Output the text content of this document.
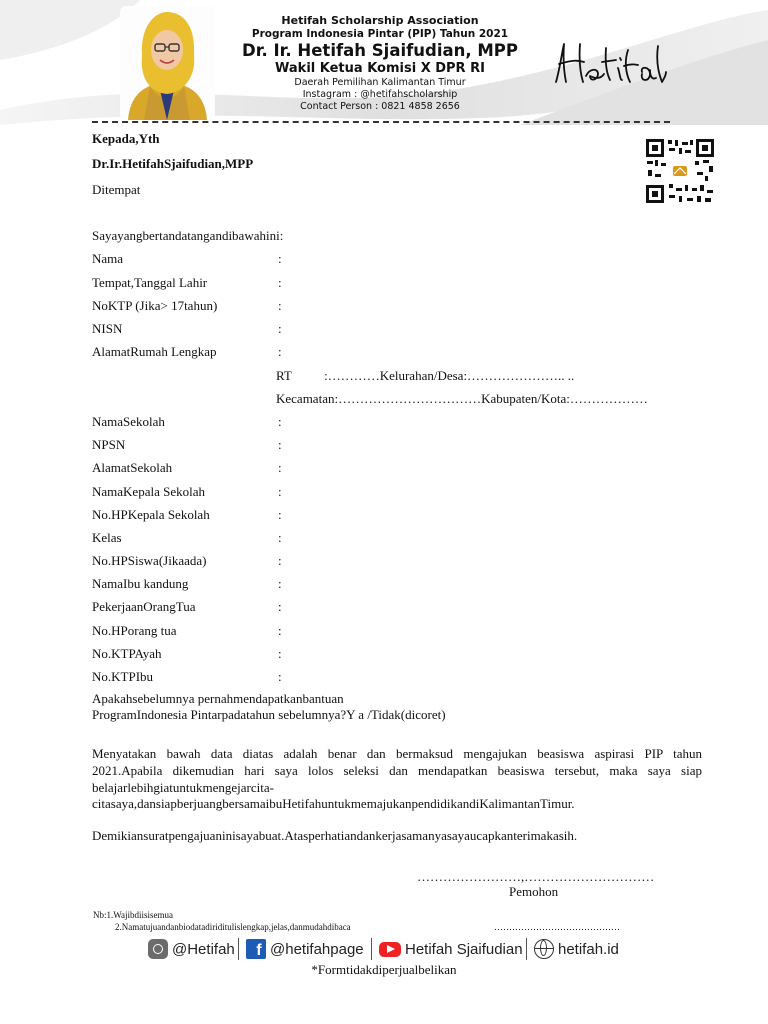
Hetifah Scholarship Association
Program Indonesia Pintar (PIP) Tahun 2021
Dr. Ir. Hetifah Sjaifudian, MPP
Wakil Ketua Komisi X DPR RI
Daerah Pemilihan Kalimantan Timur
Instagram : @hetifahscholarship
Contact Person : 0821 4858 2656
Kepada,Yth
Dr.Ir.HetifahSjaifudian,MPP
Ditempat
Sayayangbertandatangandibawahini:
Nama	:
Tempat,Tanggal Lahir	:
NoKTP (Jika> 17tahun)	:
NISN	:
AlamatRumah Lengkap	:
RT          :…………Kelurahan/Desa:………………….. ..
Kecamatan:……………………………Kabupaten/Kota:………………
NamaSekolah	:
NPSN	:
AlamatSekolah	:
NamaKepala Sekolah	:
No.HPKepala Sekolah	:
Kelas	:
No.HPSiswa(Jikaada)	:
NamaIbu kandung	:
PekerjaanOrangTua	:
No.HPorang tua	:
No.KTPAyah	:
No.KTPIbu	:
Apakahsebelumnya pernahmendapatkanbantuan
ProgramIndonesia Pintarpadatahun sebelumnya?Y a /Tidak(dicoret)
Menyatakan bawah data diatas adalah benar dan bermaksud mengajukan beasiswa aspirasi PIP tahun
2021.Apabila dikemudian hari saya lolos seleksi dan mendapatkan beasiswa tersebut, maka saya siap
belajarlebihgiatuntukmengejarcita-
citasaya,dansiapberjuangbersamaibuHetifahuntukmemajukanpendidikandiKalimantanTimur.
Demikiansuratpengajuaninisayabuat.Atasperhatiandankerjasamanyasayaucapkanterimakasih.
……………………,…………………………
Pemohon
Nb:1.Wajibdiisisemua
2.Namatujuandanbiodatadiriditulislengkap,jelas,danmudahdibaca	……………………………………
@Hetifah	f @hetifahpage	Hetifah Sjaifudian hetifah.id
*Formtidakdiperjualbelikan
